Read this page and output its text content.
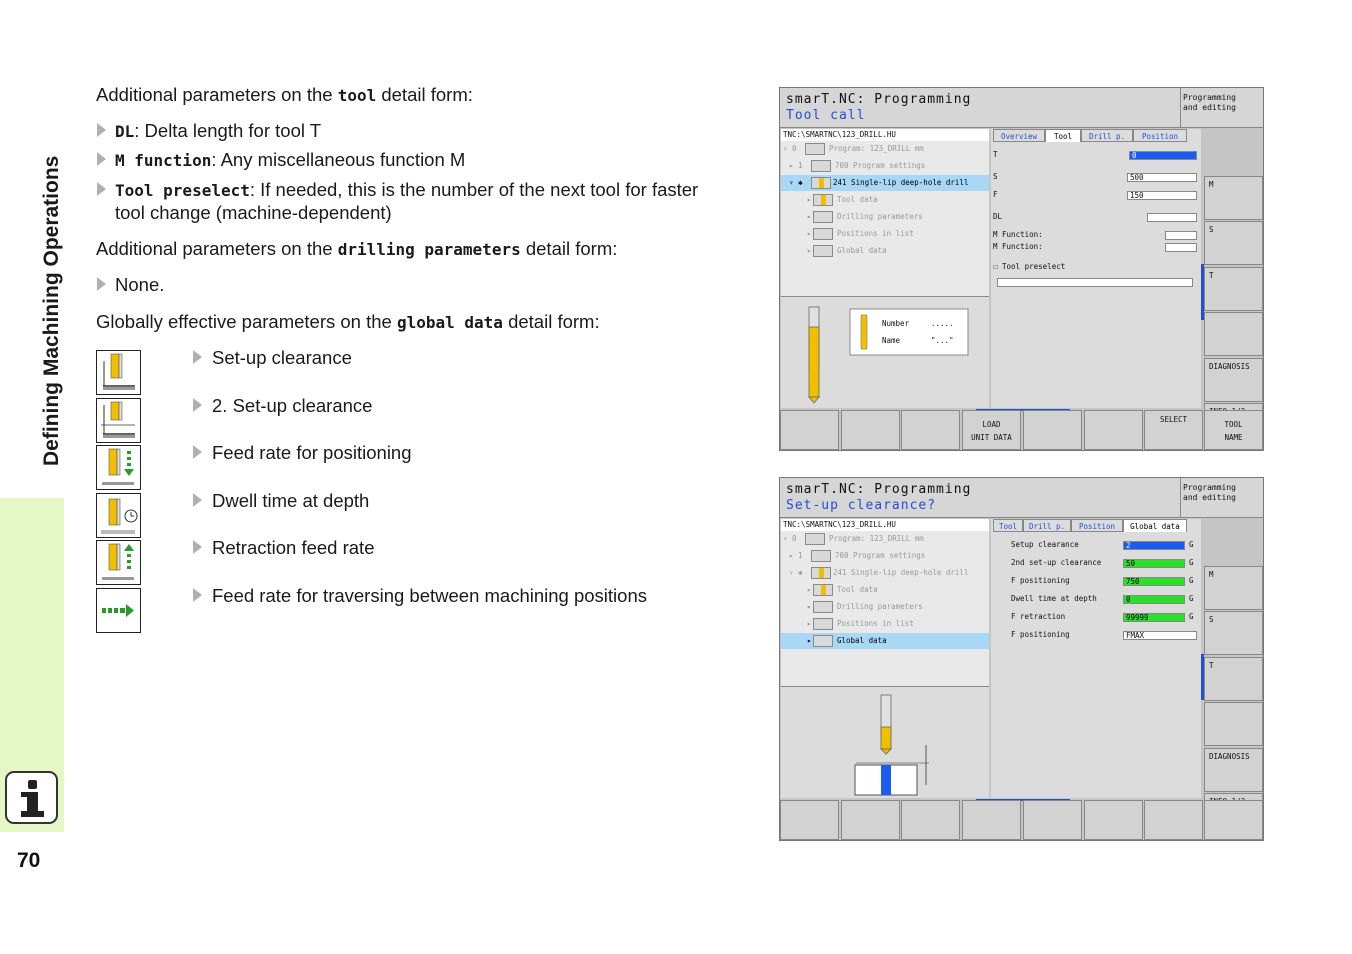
Defining Machining Operations
70
Additional parameters on the tool detail form:
DL: Delta length for tool T
M function: Any miscellaneous function M
Tool preselect: If needed, this is the number of the next tool for faster
tool change (machine-dependent)
Additional parameters on the drilling parameters detail form:
None.
Globally effective parameters on the global data detail form:
Set-up clearance
2. Set-up clearance
Feed rate for positioning
Dwell time at depth
Retraction feed rate
Feed rate for traversing between machining positions
smarT.NC: Programming
Tool call
Programming
and editing
TNC:\SMARTNC\123_DRILL.HU
▿ 0	Program: 123_DRILL mm
▸ 1	700 Program settings
▿ ✱	241 Single-lip deep-hole drill
▸	Tool data
▸	Drilling parameters
▸	Positions in list
▸	Global data
Number	.....
Name	"..."
Overview	Tool	Drill p.	Position
T	0
S	500
F	150
DL
M Function:
M Function:
☐ Tool preselect
M
S
T
DIAGNOSIS
LOAD
UNIT DATA
SELECT
TOOL
NAME
smarT.NC: Programming
Set-up clearance?
Programming
and editing
TNC:\SMARTNC\123_DRILL.HU
▿ 0	Program: 123_DRILL mm
▸ 1	700 Program settings
▿ ✱	241 Single-lip deep-hole drill
▸	Tool data
▸	Drilling parameters
▸	Positions in list
▸	Global data
Tool	Drill p.	Position	Global data
Setup clearance	2	G
2nd set-up clearance	50	G
F positioning	750	G
Dwell time at depth	0	G
F retraction	99999	G
F positioning	FMAX
M
S
T
DIAGNOSIS
